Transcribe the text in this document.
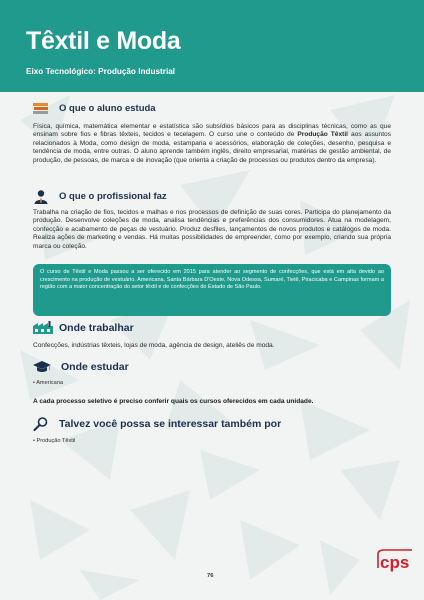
Têxtil e Moda
Eixo Tecnológico: Produção Industrial
O que o aluno estuda

Física, química, matemática elementar e estatística são subsídios básicos para as disciplinas técnicas, como as que ensinam sobre fios e fibras têxteis, tecidos e tecelagem. O curso une o conteúdo de Produção Têxtil aos assuntos relacionados à Moda, como design de moda, estamparia e acessórios, elaboração de coleções, desenho, pesquisa e tendência de moda, entre outras. O aluno aprende também inglês, direito empresarial, matérias de gestão ambiental, de produção, de pessoas, de marca e de inovação (que orienta a criação de processos ou produtos dentro da empresa).

O que o profissional faz

Trabalha na criação de fios, tecidos e malhas e nos processos de definição de suas cores. Participa do planejamento da produção. Desenvolve coleções de moda, analisa tendências e preferências dos consumidores. Atua na modelagem, confecção e acabamento de peças de vestuário. Produz desfiles, lançamentos de novos produtos e catálogos de moda. Realiza ações de marketing e vendas. Há muitas possibilidades de empreender, como por exemplo, criando sua própria marca ou coleção.

O curso de Têxtil e Moda passou a ser oferecido em 2015 para atender ao segmento de confecções, que está em alta devido ao crescimento na produção de vestuário. Americana, Santa Bárbara D'Oeste, Nova Odessa, Sumaré, Tietê, Piracicaba e Campinas formam a região com a maior concentração do setor têxtil e de confecções do Estado de São Paulo.

Onde trabalhar

Confecções, indústrias têxteis, lojas de moda, agência de design, ateliês de moda.

Onde estudar
• Americana
A cada processo seletivo é preciso conferir quais os cursos oferecidos em cada unidade.
Talvez você possa se interessar também por
• Produção Têxtil
76
cps
